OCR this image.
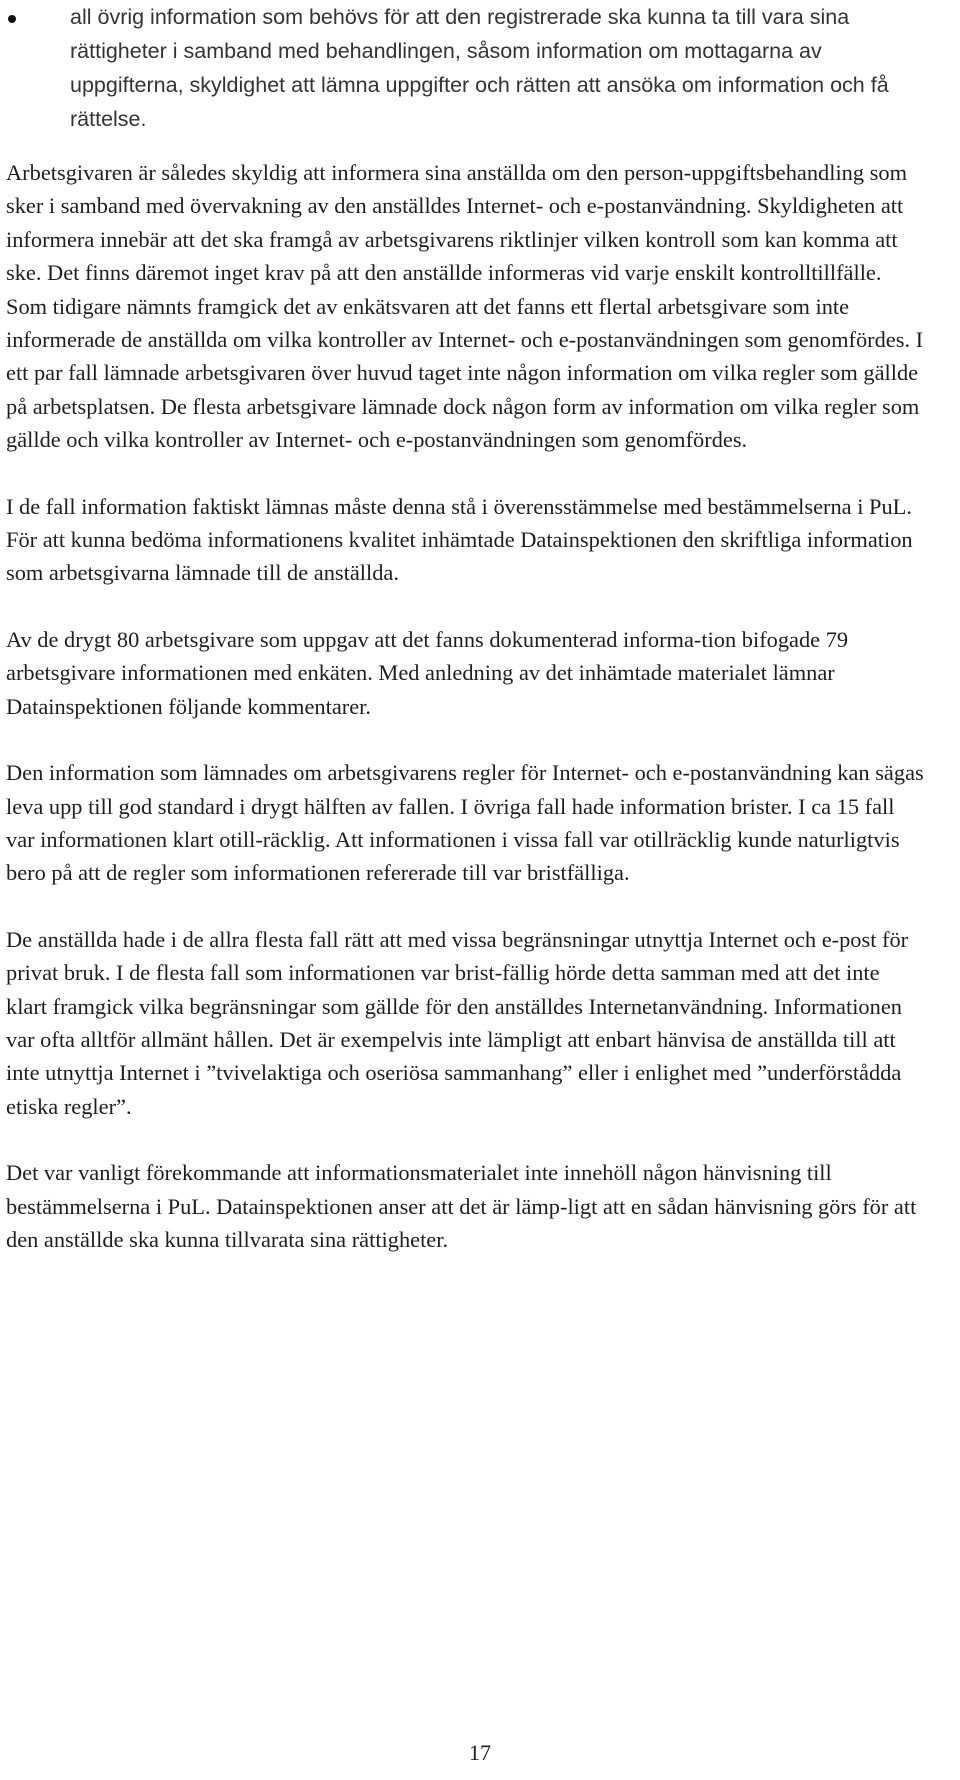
all övrig information som behövs för att den registrerade ska kunna ta till vara sina rättigheter i samband med behandlingen, såsom information om mottagarna av uppgifterna, skyldighet att lämna uppgifter och rätten att ansöka om information och få rättelse.

Arbetsgivaren är således skyldig att informera sina anställda om den person-uppgiftsbehandling som sker i samband med övervakning av den anställdes Internet- och e-postanvändning. Skyldigheten att informera innebär att det ska framgå av arbetsgivarens riktlinjer vilken kontroll som kan komma att ske. Det finns däremot inget krav på att den anställde informeras vid varje enskilt kontrolltillfälle. Som tidigare nämnts framgick det av enkätsvaren att det fanns ett flertal arbetsgivare som inte informerade de anställda om vilka kontroller av Internet- och e-postanvändningen som genomfördes. I ett par fall lämnade arbetsgivaren över huvud taget inte någon information om vilka regler som gällde på arbetsplatsen. De flesta arbetsgivare lämnade dock någon form av information om vilka regler som gällde och vilka kontroller av Internet- och e-postanvändningen som genomfördes.

I de fall information faktiskt lämnas måste denna stå i överensstämmelse med bestämmelserna i PuL. För att kunna bedöma informationens kvalitet inhämtade Datainspektionen den skriftliga information som arbetsgivarna lämnade till de anställda.

Av de drygt 80 arbetsgivare som uppgav att det fanns dokumenterad informa-tion bifogade 79 arbetsgivare informationen med enkäten. Med anledning av det inhämtade materialet lämnar Datainspektionen följande kommentarer.

Den information som lämnades om arbetsgivarens regler för Internet- och e-postanvändning kan sägas leva upp till god standard i drygt hälften av fallen. I övriga fall hade information brister. I ca 15 fall var informationen klart otill-räcklig. Att informationen i vissa fall var otillräcklig kunde naturligtvis bero på att de regler som informationen refererade till var bristfälliga.

De anställda hade i de allra flesta fall rätt att med vissa begränsningar utnyttja Internet och e-post för privat bruk. I de flesta fall som informationen var brist-fällig hörde detta samman med att det inte klart framgick vilka begränsningar som gällde för den anställdes Internetanvändning. Informationen var ofta alltför allmänt hållen. Det är exempelvis inte lämpligt att enbart hänvisa de anställda till att inte utnyttja Internet i ”tvivelaktiga och oseriösa sammanhang” eller i enlighet med ”underförstådda etiska regler”.

Det var vanligt förekommande att informationsmaterialet inte innehöll någon hänvisning till bestämmelserna i PuL. Datainspektionen anser att det är lämp-ligt att en sådan hänvisning görs för att den anställde ska kunna tillvarata sina rättigheter.

17
